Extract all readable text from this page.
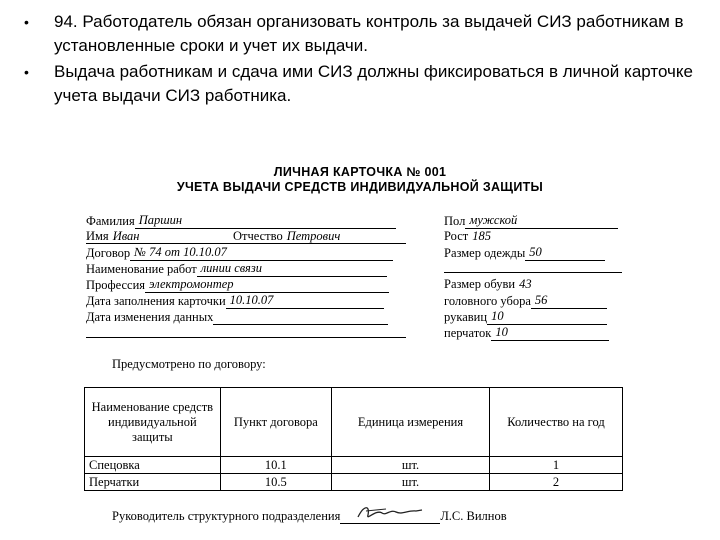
•	94. Работодатель обязан организовать контроль за выдачей СИЗ работникам в установленные сроки и учет их выдачи.
•	Выдача работникам и сдача ими СИЗ должны фиксироваться в личной карточке учета выдачи СИЗ работника.
ЛИЧНАЯ КАРТОЧКА № 001
УЧЕТА ВЫДАЧИ СРЕДСТВ ИНДИВИДУАЛЬНОЙ ЗАЩИТЫ
Фамилия Паршин
Имя Иван	Отчество Петрович
Договор № 74 от 10.10.07
Наименование работ линии связи
Профессия электромонтер
Дата заполнения карточки 10.10.07
Дата изменения данных
Пол мужской
Рост 185
Размер одежды 50
Размер обуви 43
головного убора 56
рукавиц 10
перчаток 10
Предусмотрено по договору:
Наименование средств индивидуальной защиты	Пункт договора	Единица измерения	Количество на год
Спецовка	10.1	шт.	1
Перчатки	10.5	шт.	2
Руководитель структурного подразделения	Л.С. Вилнов
